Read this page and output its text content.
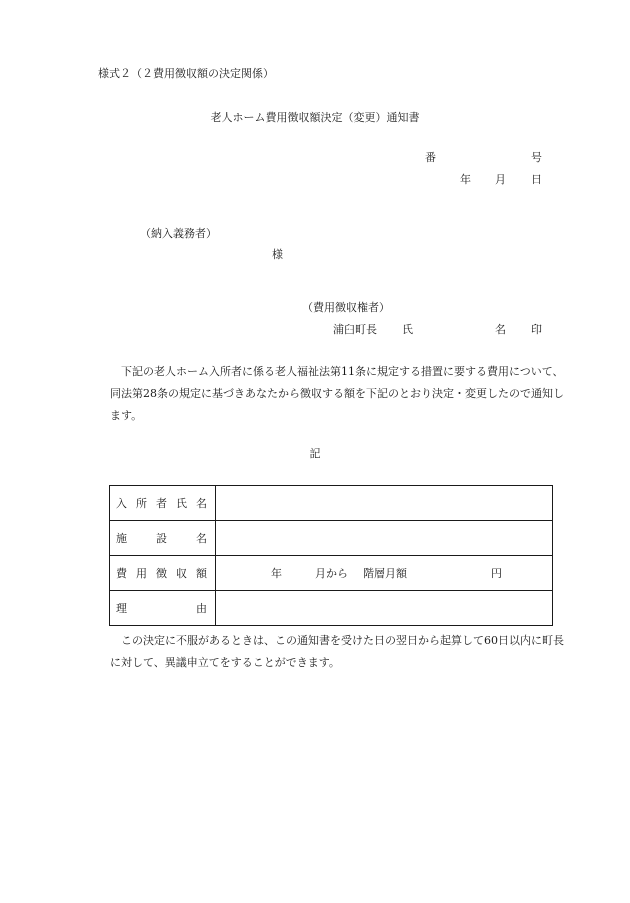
様式２（２費用徴収額の決定関係）
老人ホーム費用徴収額決定（変更）通知書
番	号
年 月 日
（納入義務者）
様
（費用徴収権者）
浦臼町長 氏	名 印
下記の老人ホーム入所者に係る老人福祉法第11条に規定する措置に要する費用について、同法第28条の規定に基づきあなたから徴収する額を下記のとおり決定・変更したので通知します。
記
入 所 者 氏 名	

施 設 名	

費 用 徴 収 額	年 月から 階層月額 円

理 由	

この決定に不服があるときは、この通知書を受けた日の翌日から起算して60日以内に町長に対して、異議申立てをすることができます。
